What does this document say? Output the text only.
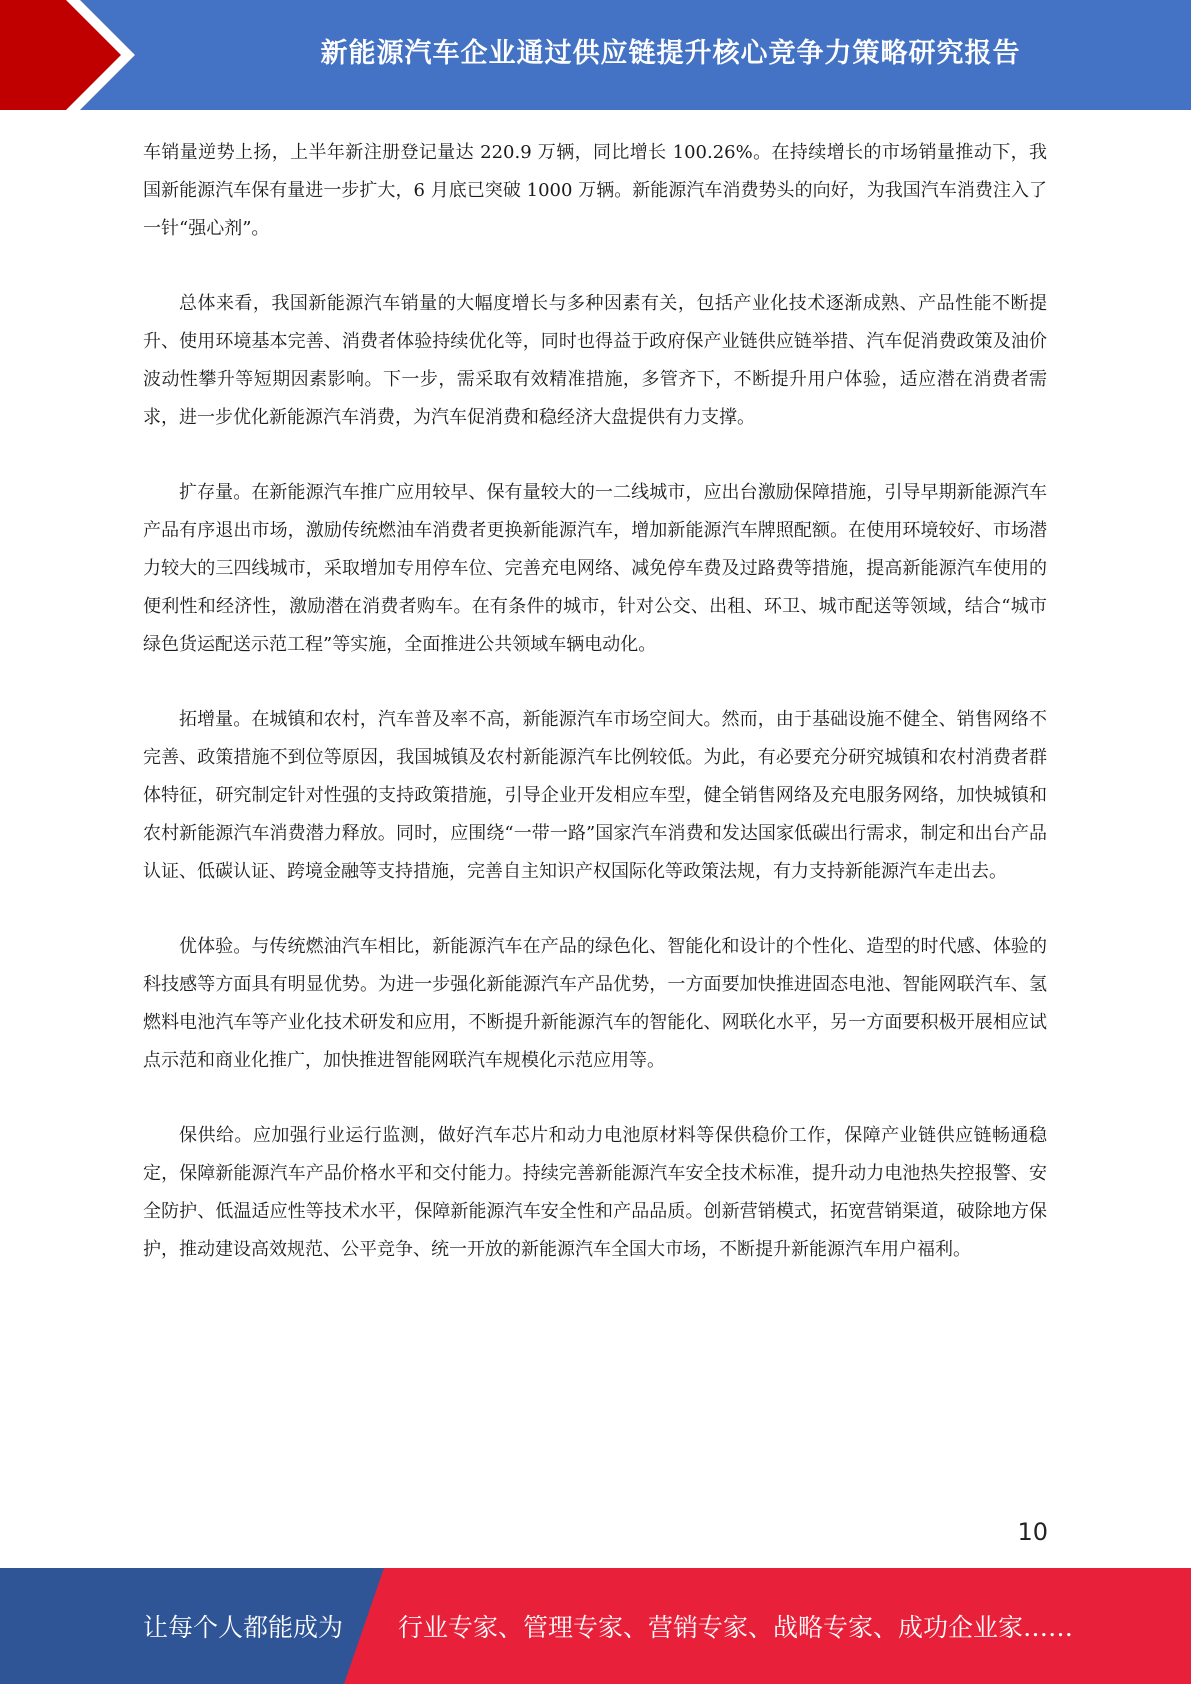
新能源汽车企业通过供应链提升核心竞争力策略研究报告

车销量逆势上扬，上半年新注册登记量达 220.9 万辆，同比增长 100.26%。在持续增长的市场销量推动下，我国新能源汽车保有量进一步扩大，6 月底已突破 1000 万辆。新能源汽车消费势头的向好，为我国汽车消费注入了一针“强心剂”。

总体来看，我国新能源汽车销量的大幅度增长与多种因素有关，包括产业化技术逐渐成熟、产品性能不断提升、使用环境基本完善、消费者体验持续优化等，同时也得益于政府保产业链供应链举措、汽车促消费政策及油价波动性攀升等短期因素影响。下一步，需采取有效精准措施，多管齐下，不断提升用户体验，适应潜在消费者需求，进一步优化新能源汽车消费，为汽车促消费和稳经济大盘提供有力支撑。

扩存量。在新能源汽车推广应用较早、保有量较大的一二线城市，应出台激励保障措施，引导早期新能源汽车产品有序退出市场，激励传统燃油车消费者更换新能源汽车，增加新能源汽车牌照配额。在使用环境较好、市场潜力较大的三四线城市，采取增加专用停车位、完善充电网络、减免停车费及过路费等措施，提高新能源汽车使用的便利性和经济性，激励潜在消费者购车。在有条件的城市，针对公交、出租、环卫、城市配送等领域，结合“城市绿色货运配送示范工程”等实施，全面推进公共领域车辆电动化。

拓增量。在城镇和农村，汽车普及率不高，新能源汽车市场空间大。然而，由于基础设施不健全、销售网络不完善、政策措施不到位等原因，我国城镇及农村新能源汽车比例较低。为此，有必要充分研究城镇和农村消费者群体特征，研究制定针对性强的支持政策措施，引导企业开发相应车型，健全销售网络及充电服务网络，加快城镇和农村新能源汽车消费潜力释放。同时，应围绕“一带一路”国家汽车消费和发达国家低碳出行需求，制定和出台产品认证、低碳认证、跨境金融等支持措施，完善自主知识产权国际化等政策法规，有力支持新能源汽车走出去。

优体验。与传统燃油汽车相比，新能源汽车在产品的绿色化、智能化和设计的个性化、造型的时代感、体验的科技感等方面具有明显优势。为进一步强化新能源汽车产品优势，一方面要加快推进固态电池、智能网联汽车、氢燃料电池汽车等产业化技术研发和应用，不断提升新能源汽车的智能化、网联化水平，另一方面要积极开展相应试点示范和商业化推广，加快推进智能网联汽车规模化示范应用等。

保供给。应加强行业运行监测，做好汽车芯片和动力电池原材料等保供稳价工作，保障产业链供应链畅通稳定，保障新能源汽车产品价格水平和交付能力。持续完善新能源汽车安全技术标准，提升动力电池热失控报警、安全防护、低温适应性等技术水平，保障新能源汽车安全性和产品品质。创新营销模式，拓宽营销渠道，破除地方保护，推动建设高效规范、公平竞争、统一开放的新能源汽车全国大市场，不断提升新能源汽车用户福利。

10
让每个人都能成为 行业专家、管理专家、营销专家、战略专家、成功企业家……
